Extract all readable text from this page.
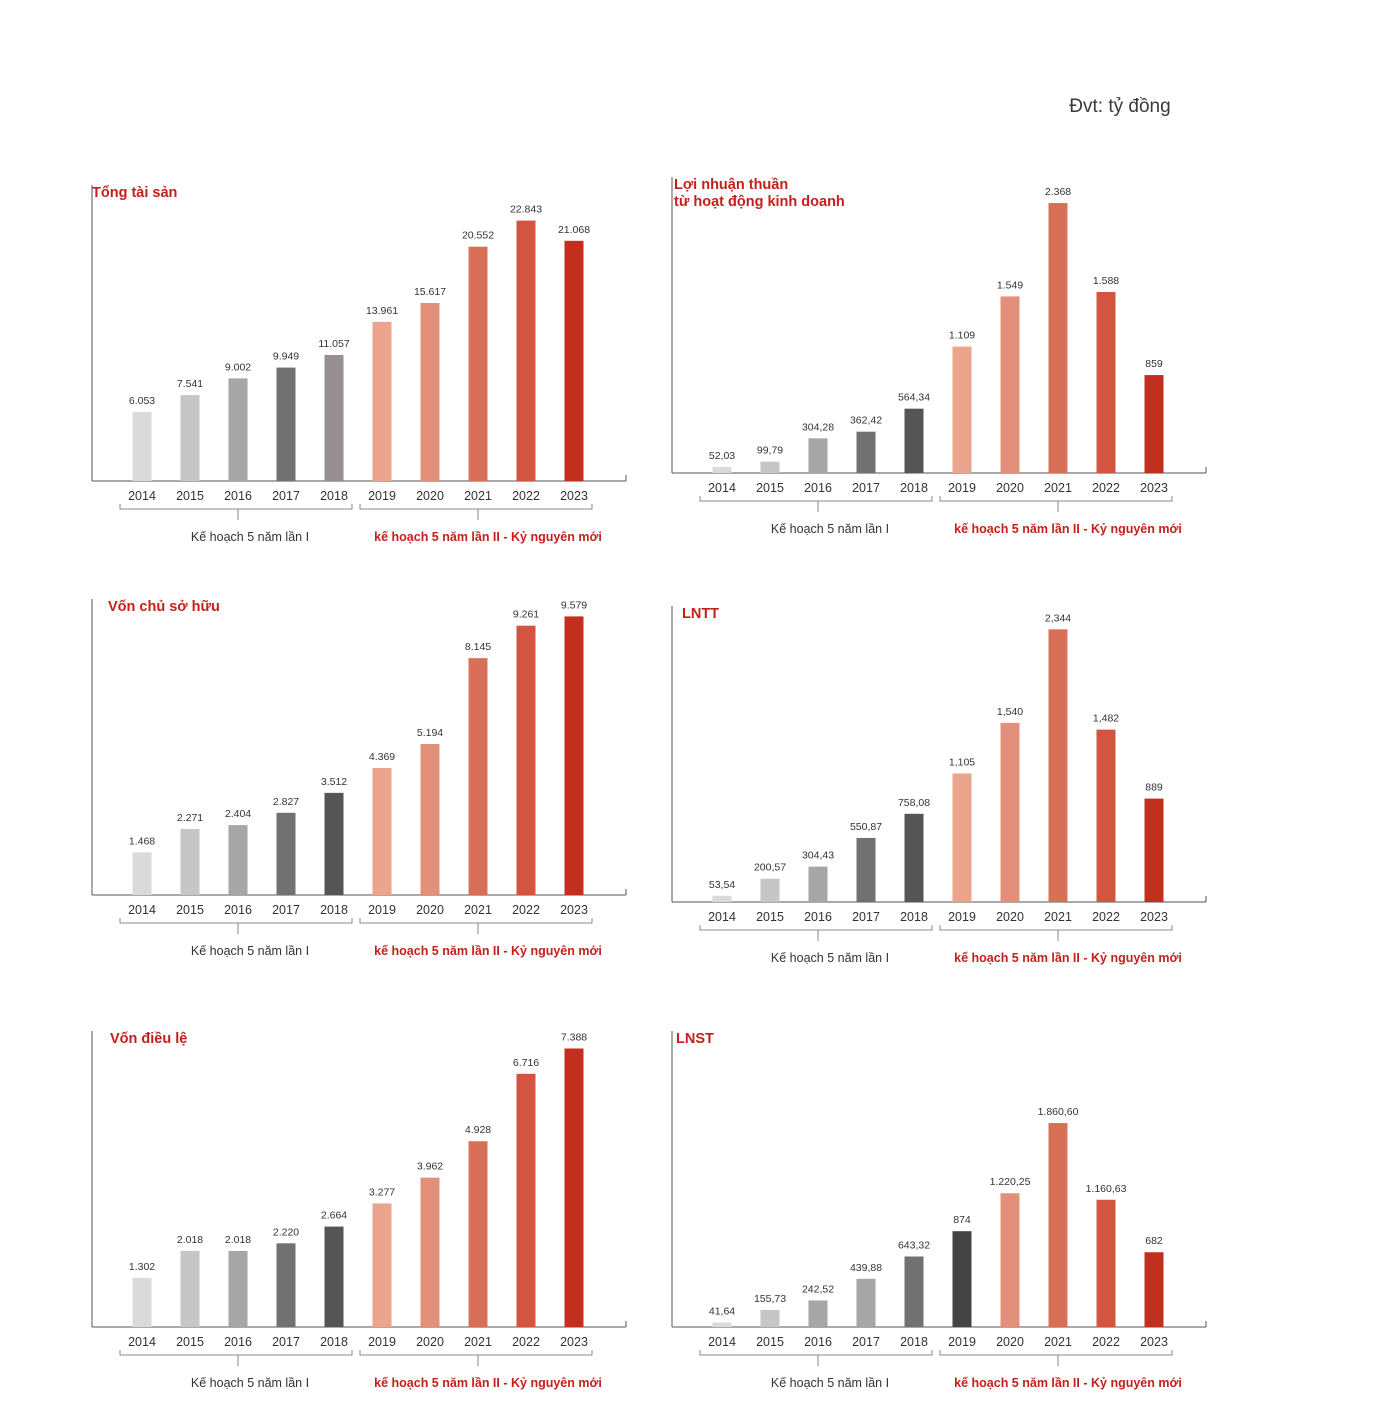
Đvt: tỷ đồng
Tổng tài sản
6.053
2014
7.541
2015
9.002
2016
9.949
2017
11.057
2018
13.961
2019
15.617
2020
20.552
2021
22.843
2022
21.068
2023
Kế hoạch 5 năm lần I	kế hoạch 5 năm lần II - Kỷ nguyên mới
Lợi nhuận thuần
từ hoạt động kinh doanh
52,03
2014
99,79
2015
304,28
2016
362,42
2017
564,34
2018
1.109
2019
1.549
2020
2.368
2021
1.588
2022
859
2023
Kế hoạch 5 năm lần I	kế hoạch 5 năm lần II - Kỷ nguyên mới
Vốn chủ sở hữu
1.468
2014
2.271
2015
2.404
2016
2.827
2017
3.512
2018
4.369
2019
5.194
2020
8.145
2021
9.261
2022
9.579
2023
Kế hoạch 5 năm lần I	kế hoạch 5 năm lần II - Kỷ nguyên mới
LNTT
53,54
2014
200,57
2015
304,43
2016
550,87
2017
758,08
2018
1,105
2019
1,540
2020
2,344
2021
1,482
2022
889
2023
Kế hoạch 5 năm lần I	kế hoạch 5 năm lần II - Kỷ nguyên mới
Vốn điều lệ
1.302
2014
2.018
2015
2.018
2016
2.220
2017
2.664
2018
3.277
2019
3.962
2020
4.928
2021
6.716
2022
7.388
2023
Kế hoạch 5 năm lần I	kế hoạch 5 năm lần II - Kỷ nguyên mới
LNST
41,64
2014
155,73
2015
242,52
2016
439,88
2017
643,32
2018
874
2019
1.220,25
2020
1.860,60
2021
1.160,63
2022
682
2023
Kế hoạch 5 năm lần I	kế hoạch 5 năm lần II - Kỷ nguyên mới
